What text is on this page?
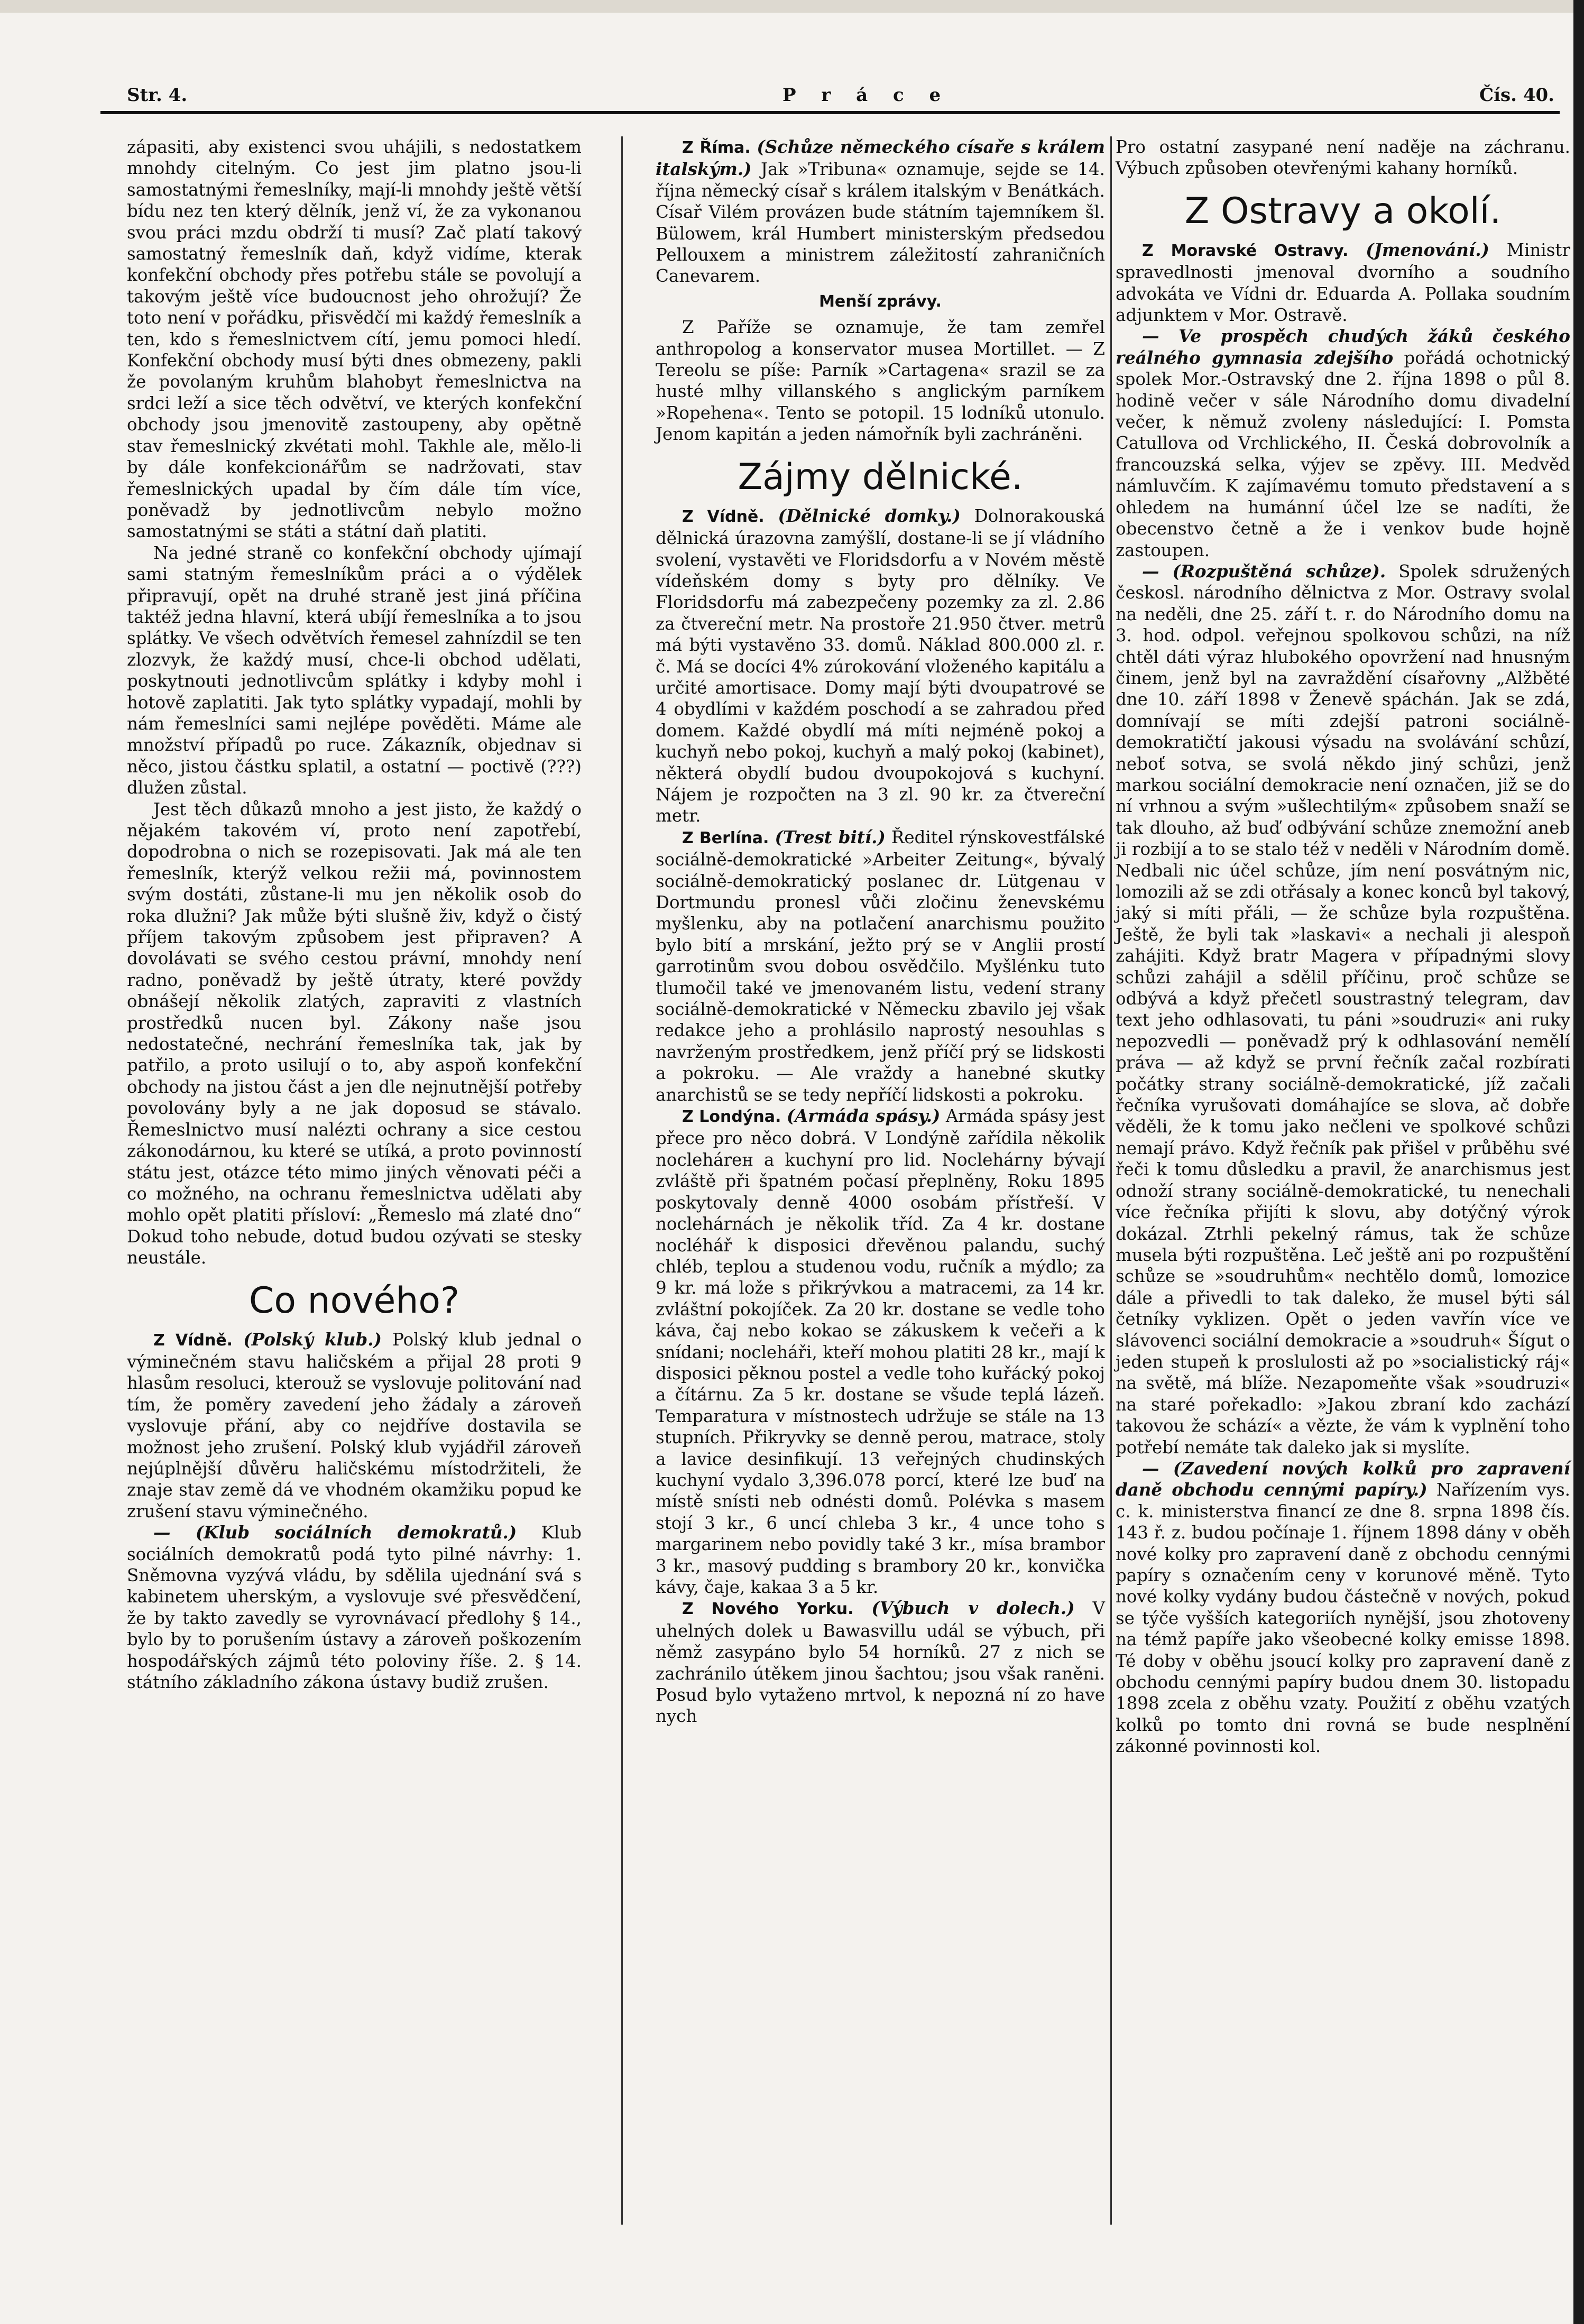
Str. 4.	P r á c e	Čís. 40.

zápasiti, aby existenci svou uhájili, s nedostatkem mnohdy citelným. Co jest jim platno jsou-li samostatnými řemeslníky, mají-li mnohdy ještě větší bídu nez ten který dělník, jenž ví, že za vykonanou svou práci mzdu obdrží ti musí? Zač platí takový samostatný řemeslník daň, když vidíme, kterak konfekční obchody přes potřebu stále se povolují a takovým ještě více budoucnost jeho ohrožují? Že toto není v pořádku, přisvědčí mi každý řemeslník a ten, kdo s řemeslnictvem cítí, jemu pomoci hledí. Konfekční obchody musí býti dnes obmezeny, pakli že povolaným kruhům blahobyt řemeslnictva na srdci leží a sice těch odvětví, ve kterých konfekční obchody jsou jmenovitě zastoupeny, aby opětně stav řemeslnický zkvétati mohl. Takhle ale, mělo-li by dále konfekcionářům se nadržovati, stav řemeslnických upadal by čím dále tím více, poněvadž by jednotlivcům nebylo možno samostatnými se státi a státní daň platiti.

Na jedné straně co konfekční obchody ujímají sami statným řemeslníkům práci a o výdělek připravují, opět na druhé straně jest jiná příčina taktéž jedna hlavní, která ubíjí řemeslníka a to jsou splátky. Ve všech odvětvích řemesel zahnízdil se ten zlozvyk, že každý musí, chce-li obchod udělati, poskytnouti jednotlivcům splátky i kdyby mohl i hotově zaplatiti. Jak tyto splátky vypadají, mohli by nám řemeslníci sami nejlépe pověděti. Máme ale množství případů po ruce. Zákazník, objednav si něco, jistou částku splatil, a ostatní — poctivě (???) dlužen zůstal.

Jest těch důkazů mnoho a jest jisto, že každý o nějakém takovém ví, proto není zapotřebí, dopodrobna o nich se rozepisovati. Jak má ale ten řemeslník, kterýž velkou režii má, povinnostem svým dostáti, zůstane-li mu jen několik osob do roka dlužni? Jak může býti slušně živ, když o čistý příjem takovým způsobem jest připraven? A dovolávati se svého cestou právní, mnohdy není radno, poněvadž by ještě útraty, které povždy obnášejí několik zlatých, zapraviti z vlastních prostředků nucen byl. Zákony naše jsou nedostatečné, nechrání řemeslníka tak, jak by patřilo, a proto usilují o to, aby aspoň konfekční obchody na jistou část a jen dle nejnutnější potřeby povolovány byly a ne jak doposud se stávalo. Řemeslnictvo musí nalézti ochrany a sice cestou zákonodárnou, ku které se utíká, a proto povinností státu jest, otázce této mimo jiných věnovati péči a co možného, na ochranu řemeslnictva udělati aby mohlo opět platiti přísloví: „Řemeslo má zlaté dno“ Dokud toho nebude, dotud budou ozývati se stesky neustále.

Co nového?

Z Vídně. (Polský klub.) Polský klub jednal o výminečném stavu haličském a přijal 28 proti 9 hlasům resoluci, kterouž se vyslovuje politování nad tím, že poměry zavedení jeho žádaly a zároveň vyslovuje přání, aby co nejdříve dostavila se možnost jeho zrušení. Polský klub vyjádřil zároveň nejúplnější důvěru haličskému místodržiteli, že znaje stav země dá ve vhodném okamžiku popud ke zrušení stavu výminečného.

— (Klub sociálních demokratů.) Klub sociálních demokratů podá tyto pilné návrhy: 1. Sněmovna vyzývá vládu, by sdělila ujednání svá s kabinetem uherským, a vyslovuje své přesvědčení, že by takto zavedly se vyrovnávací předlohy § 14., bylo by to porušením ústavy a zároveň poškozením hospodářských zájmů této poloviny říše. 2. § 14. státního základního zákona ústavy budiž zrušen.

Z Říma. (Schůze německého císaře s králem italským.) Jak »Tribuna« oznamuje, sejde se 14. října německý císař s králem italským v Benátkách. Císař Vilém provázen bude státním tajemníkem šl. Bülowem, král Humbert ministerským předsedou Pellouxem a ministrem záležitostí zahraničních Canevarem.

Menší zprávy.

Z Paříže se oznamuje, že tam zemřel anthropolog a konservator musea Mortillet. — Z Tereolu se píše: Parník »Cartagena« srazil se za husté mlhy villanského s anglickým parníkem »Ropehena«. Tento se potopil. 15 lodníků utonulo. Jenom kapitán a jeden námořník byli zachráněni.

Zájmy dělnické.

Z Vídně. (Dělnické domky.) Dolnorakouská dělnická úrazovna zamýšlí, dostane-li se jí vládního svolení, vystavěti ve Floridsdorfu a v Novém městě vídeňském domy s byty pro dělníky. Ve Floridsdorfu má zabezpečeny pozemky za zl. 2.86 za čtvereční metr. Na prostoře 21.950 čtver. metrů má býti vystavěno 33. domů. Náklad 800.000 zl. r. č. Má se docíci 4% zúrokování vloženého kapitálu a určité amortisace. Domy mají býti dvoupatrové se 4 obydlími v každém poschodí a se zahradou před domem. Každé obydlí má míti nejméně pokoj a kuchyň nebo pokoj, kuchyň a malý pokoj (kabinet), některá obydlí budou dvoupokojová s kuchyní. Nájem je rozpočten na 3 zl. 90 kr. za čtvereční metr.

Z Berlína. (Trest bití.) Ředitel rýnskovestfálské sociálně-demokratické »Arbeiter Zeitung«, bývalý sociálně-demokratický poslanec dr. Lütgenau v Dortmundu pronesl vůči zločinu ženevskému myšlenku, aby na potlačení anarchismu použito bylo bití a mrskání, ježto prý se v Anglii prostí garrotinům svou dobou osvědčilo. Myšlénku tuto tlumočil také ve jmenovaném listu, vedení strany sociálně-demokratické v Německu zbavilo jej však redakce jeho a prohlásilo naprostý nesouhlas s navrženým prostředkem, jenž příčí prý se lidskosti a pokroku. — Ale vraždy a hanebné skutky anarchistů se se tedy nepříčí lidskosti a pokroku.

Z Londýna. (Armáda spásy.) Armáda spásy jest přece pro něco dobrá. V Londýně zařídila několik noclehárен a kuchyní pro lid. Noclehárny bývají zvláště při špatném počasí přeplněny, Roku 1895 poskytovaly denně 4000 osobám přístřeší. V noclehárnách je několik tříd. Za 4 kr. dostane nocléhář k disposici dřevěnou palandu, suchý chléb, teplou a studenou vodu, ručník a mýdlo; za 9 kr. má lože s přikrývkou a matracemi, za 14 kr. zvláštní pokojíček. Za 20 kr. dostane se vedle toho káva, čaj nebo kokao se zákuskem k večeři a k snídani; nocleháři, kteří mohou platiti 28 kr., mají k disposici pěknou postel a vedle toho kuřácký pokoj a čítárnu. Za 5 kr. dostane se všude teplá lázeň. Temparatura v místnostech udržuje se stále na 13 stupních. Přikryvky se denně perou, matrace, stoly a lavice desinfikují. 13 veřejných chudinských kuchyní vydalo 3,396.078 porcí, které lze buď na místě snísti neb odnésti domů. Polévka s masem stojí 3 kr., 6 uncí chleba 3 kr., 4 unce toho s margarinem nebo povidly také 3 kr., mísa brambor 3 kr., masový pudding s brambory 20 kr., konvička kávy, čaje, kakaa 3 a 5 kr.

Z Nového Yorku. (Výbuch v dolech.) V uhelných dolek u Bawasvillu udál se výbuch, při němž zasypáno bylo 54 horníků. 27 z nich se zachránilo útěkem jinou šachtou; jsou však raněni. Posud bylo vytaženo mrtvol, k nepozná ní zo have nych

Pro ostatní zasypané není naděje na záchranu. Výbuch způsoben otevřenými kahany horníků.

Z Ostravy a okolí.

Z Moravské Ostravy. (Jmenování.) Ministr spravedlnosti jmenoval dvorního a soudního advokáta ve Vídni dr. Eduarda A. Pollaka soudním adjunktem v Mor. Ostravě.

— Ve prospěch chudých žáků českého reálného gymnasia zdejšího pořádá ochotnický spolek Mor.-Ostravský dne 2. října 1898 o půl 8. hodině večer v sále Národního domu divadelní večer, k němuž zvoleny následující: I. Pomsta Catullova od Vrchlického, II. Česká dobrovolník a francouzská selka, výjev se zpěvy. III. Medvěd námluvčím. K zajímavému tomuto představení a s ohledem na humánní účel lze se nadíti, že obecenstvo četně a že i venkov bude hojně zastoupen.

— (Rozpuštěná schůze). Spolek sdružených českosl. národního dělnictva z Mor. Ostravy svolal na neděli, dne 25. září t. r. do Národního domu na 3. hod. odpol. veřejnou spolkovou schůzi, na níž chtěl dáti výraz hlubokého opovržení nad hnusným činem, jenž byl na zavraždění císařovny „Alžběté dne 10. září 1898 v Ženevě spáchán. Jak se zdá, domnívají se míti zdejší patroni sociálně-demokratičtí jakousi výsadu na svolávání schůzí, neboť sotva, se svolá někdo jiný schůzi, jenž markou sociální demokracie není označen, již se do ní vrhnou a svým »ušlechtilým« způsobem snaží se tak dlouho, až buď odbývání schůze znemožní aneb ji rozbijí a to se stalo též v neděli v Národním domě. Nedbali nic účel schůze, jím není posvátným nic, lomozili až se zdi otřásaly a konec konců byl takový, jaký si míti přáli, — že schůze byla rozpuštěna. Ještě, že byli tak »laskavi« a nechali ji alespoň zahájiti. Když bratr Magera v případnými slovy schůzi zahájil a sdělil příčinu, proč schůze se odbývá a když přečetl soustrastný telegram, dav text jeho odhlasovati, tu páni »soudruzi« ani ruky nepozvedli — poněvadž prý k odhlasování nemělí práva — až když se první řečník začal rozbírati počátky strany sociálně-demokratické, jíž začali řečníka vyrušovati domáhajíce se slova, ač dobře věděli, že k tomu jako nečleni ve spolkové schůzi nemají právo. Když řečník pak přišel v průběhu své řeči k tomu důsledku a pravil, že anarchismus jest odnoží strany sociálně-demokratické, tu nenechali více řečníka přijíti k slovu, aby dotýčný výrok dokázal. Ztrhli pekelný rámus, tak že schůze musela býti rozpuštěna. Leč ještě ani po rozpuštění schůze se »soudruhům« nechtělo domů, lomozice dále a přivedli to tak daleko, že musel býti sál četníky vyklizen. Opět o jeden vavřín více ve slávovenci sociální demokracie a »soudruh« Šígut o jeden stupeň k proslulosti až po »socialistický ráj« na světě, má blíže. Nezapomeňte však »soudruzi« na staré pořekadlo: »Jakou zbraní kdo zachází takovou že schází« a vězte, že vám k vyplnění toho potřebí nemáte tak daleko jak si myslíte.

— (Zavedení nových kolků pro zapravení daně obchodu cennými papíry.) Nařízením vys. c. k. ministerstva financí ze dne 8. srpna 1898 čís. 143 ř. z. budou počínaje 1. říjnem 1898 dány v oběh nové kolky pro zapravení daně z obchodu cennými papíry s označením ceny v korunové měně. Tyto nové kolky vydány budou částečně v nových, pokud se týče vyšších kategoriích nynější, jsou zhotoveny na témž papíře jako všeobecné kolky emisse 1898. Té doby v oběhu jsoucí kolky pro zapravení daně z obchodu cennými papíry budou dnem 30. listopadu 1898 zcela z oběhu vzaty. Použití z oběhu vzatých kolků po tomto dni rovná se bude nesplnění zákonné povinnosti kol.
